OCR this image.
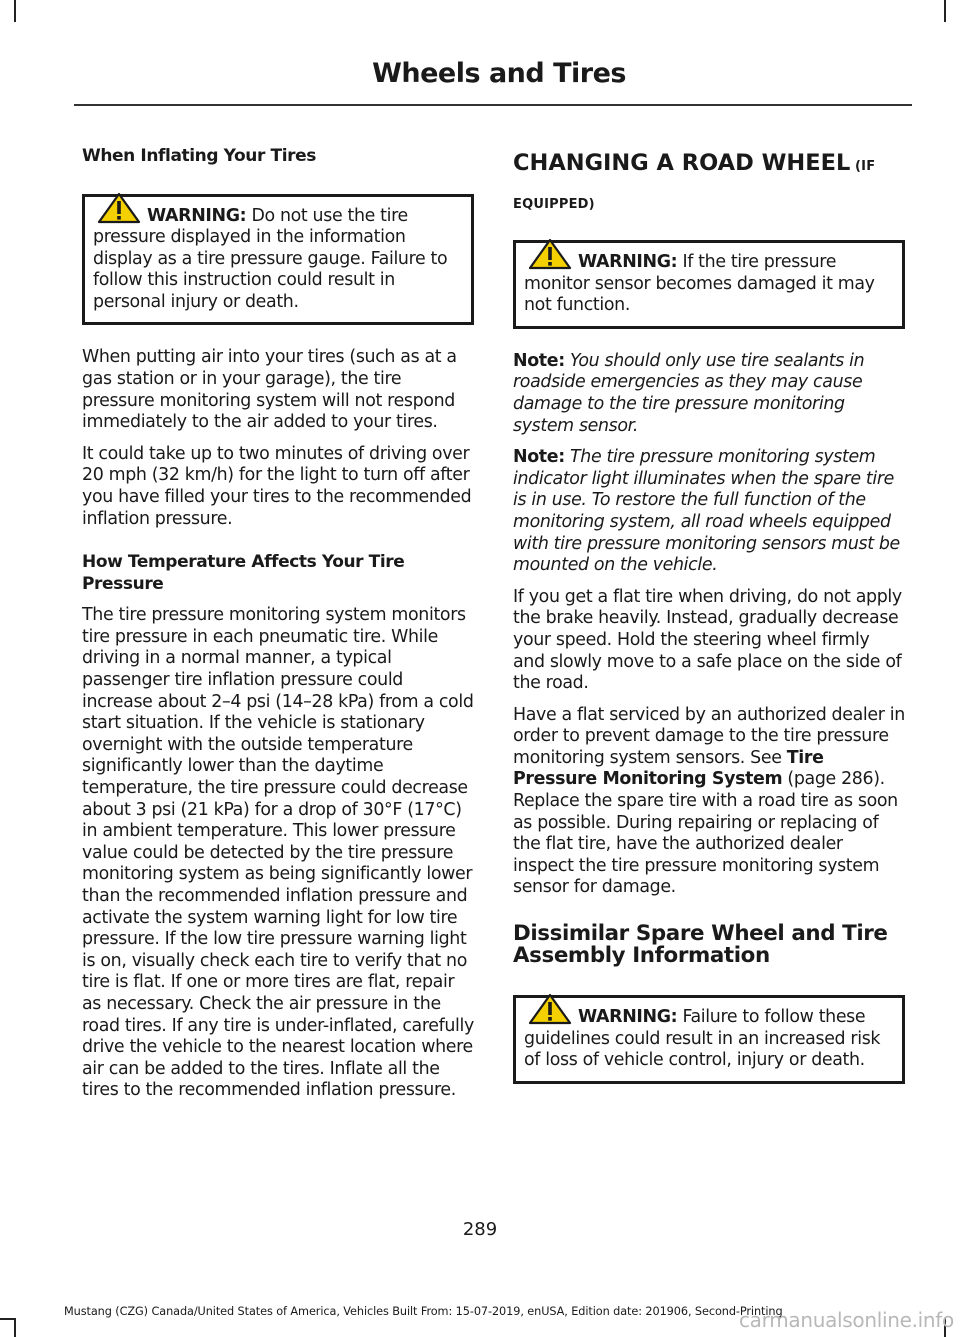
Wheels and Tires
When Inflating Your Tires
WARNING: Do not use the tire pressure displayed in the information display as a tire pressure gauge. Failure to follow this instruction could result in personal injury or death.

When putting air into your tires (such as at a gas station or in your garage), the tire pressure monitoring system will not respond immediately to the air added to your tires.

It could take up to two minutes of driving over 20 mph (32 km/h) for the light to turn off after you have filled your tires to the recommended inflation pressure.

How Temperature Affects Your Tire Pressure

The tire pressure monitoring system monitors tire pressure in each pneumatic tire. While driving in a normal manner, a typical passenger tire inflation pressure could increase about 2–4 psi (14–28 kPa) from a cold start situation. If the vehicle is stationary overnight with the outside temperature significantly lower than the daytime temperature, the tire pressure could decrease about 3 psi (21 kPa) for a drop of 30°F (17°C) in ambient temperature. This lower pressure value could be detected by the tire pressure monitoring system as being significantly lower than the recommended inflation pressure and activate the system warning light for low tire pressure. If the low tire pressure warning light is on, visually check each tire to verify that no tire is flat. If one or more tires are flat, repair as necessary. Check the air pressure in the road tires. If any tire is under-inflated, carefully drive the vehicle to the nearest location where air can be added to the tires. Inflate all the tires to the recommended inflation pressure.

CHANGING A ROAD WHEEL (IF EQUIPPED)
WARNING: If the tire pressure monitor sensor becomes damaged it may not function.

Note: You should only use tire sealants in roadside emergencies as they may cause damage to the tire pressure monitoring system sensor.

Note: The tire pressure monitoring system indicator light illuminates when the spare tire is in use. To restore the full function of the monitoring system, all road wheels equipped with tire pressure monitoring sensors must be mounted on the vehicle.

If you get a flat tire when driving, do not apply the brake heavily. Instead, gradually decrease your speed. Hold the steering wheel firmly and slowly move to a safe place on the side of the road.

Have a flat serviced by an authorized dealer in order to prevent damage to the tire pressure monitoring system sensors. See Tire Pressure Monitoring System (page 286). Replace the spare tire with a road tire as soon as possible. During repairing or replacing of the flat tire, have the authorized dealer inspect the tire pressure monitoring system sensor for damage.

Dissimilar Spare Wheel and Tire Assembly Information
WARNING: Failure to follow these guidelines could result in an increased risk of loss of vehicle control, injury or death.
289
Mustang (CZG) Canada/United States of America, Vehicles Built From: 15-07-2019, enUSA, Edition date: 201906, Second-Printing
carmanualsonline.info
